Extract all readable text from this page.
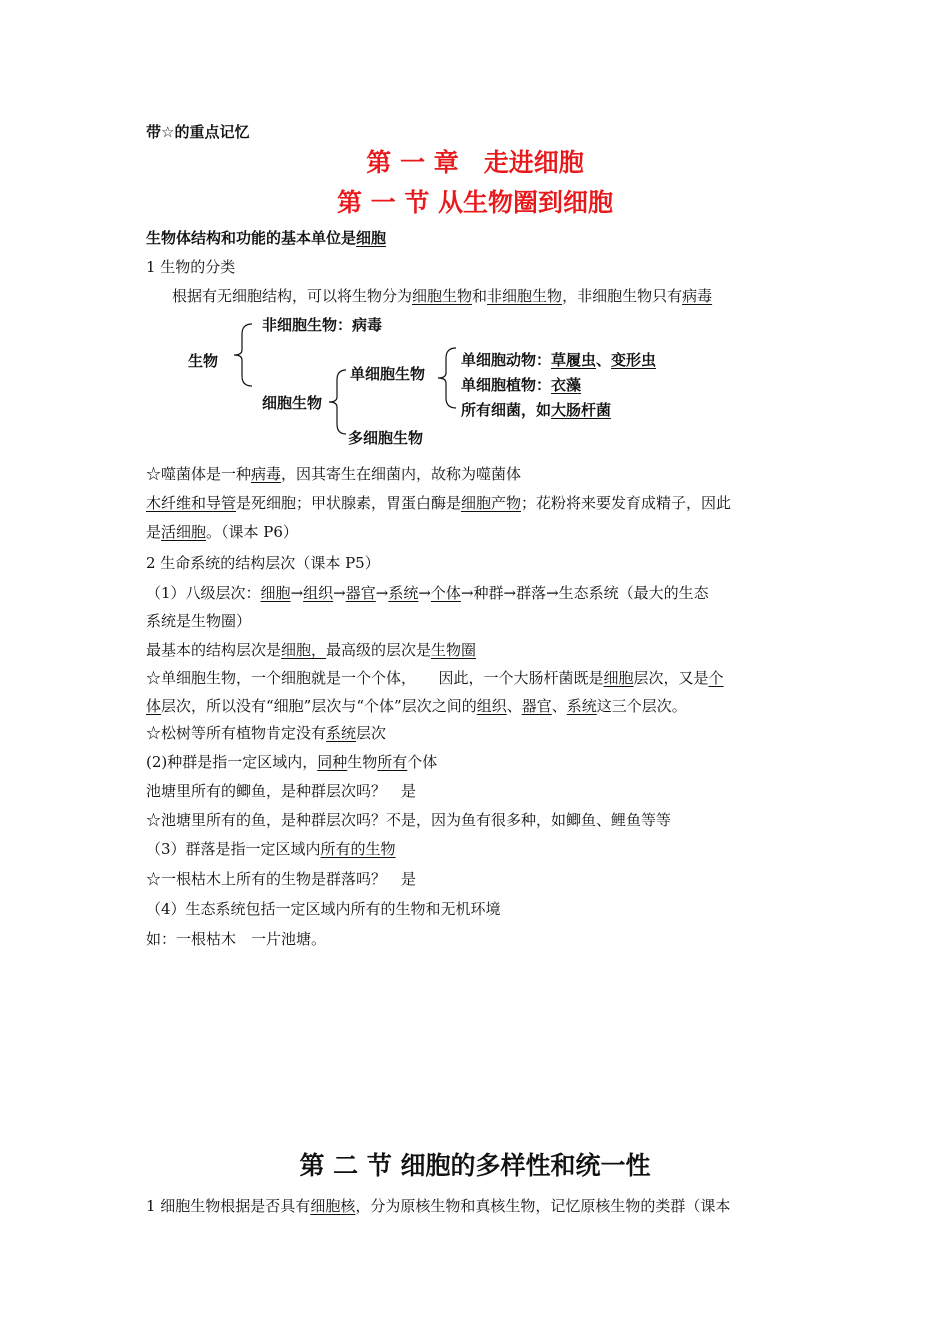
带☆的重点记忆
第 一 章　走进细胞
第 一 节 从生物圈到细胞
生物体结构和功能的基本单位是细胞
1 生物的分类
根据有无细胞结构，可以将生物分为细胞生物和非细胞生物，非细胞生物只有病毒
生物
非细胞生物：病毒
细胞生物
单细胞生物
多细胞生物
单细胞动物：草履虫、变形虫
单细胞植物：衣藻
所有细菌，如大肠杆菌
☆噬菌体是一种病毒，因其寄生在细菌内，故称为噬菌体
木纤维和导管是死细胞；甲状腺素，胃蛋白酶是细胞产物；花粉将来要发育成精子，因此
是活细胞。（课本 P6）
2 生命系统的结构层次（课本 P5）
（1）八级层次：细胞→组织→器官→系统→个体→种群→群落→生态系统（最大的生态
系统是生物圈）
最基本的结构层次是细胞，最高级的层次是生物圈
☆单细胞生物，一个细胞就是一个个体，　　因此，一个大肠杆菌既是细胞层次，又是个
体层次，所以没有“细胞”层次与“个体”层次之间的组织、器官、系统这三个层次。
☆松树等所有植物肯定没有系统层次
(2)种群是指一定区域内，同种生物所有个体
池塘里所有的鲫鱼，是种群层次吗？　是
☆池塘里所有的鱼，是种群层次吗？不是，因为鱼有很多种，如鲫鱼、鲤鱼等等
（3）群落是指一定区域内所有的生物
☆一根枯木上所有的生物是群落吗？　是
（4）生态系统包括一定区域内所有的生物和无机环境
如：一根枯木　一片池塘。
第 二 节 细胞的多样性和统一性
1 细胞生物根据是否具有细胞核，分为原核生物和真核生物，记忆原核生物的类群（课本
